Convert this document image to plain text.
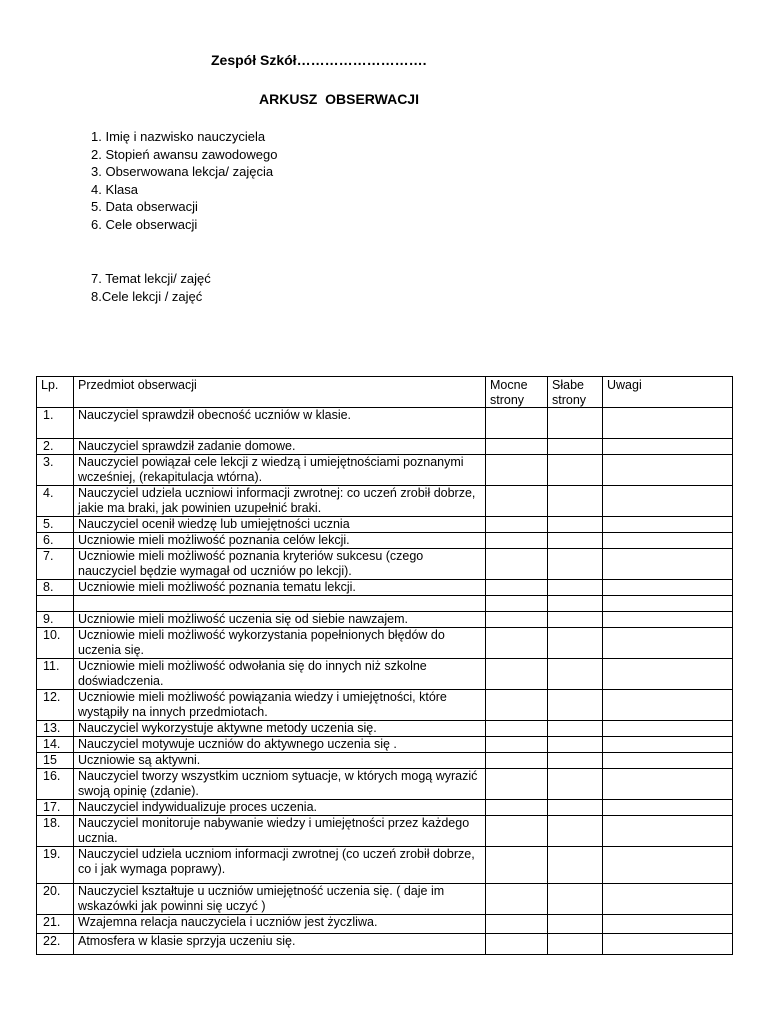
Zespół Szkół……………………….
ARKUSZ  OBSERWACJI
1. Imię i nazwisko nauczyciela
2. Stopień awansu zawodowego
3. Obserwowana lekcja/ zajęcia
4. Klasa
5. Data obserwacji
6. Cele obserwacji
7. Temat lekcji/ zajęć
8.Cele lekcji / zajęć
Lp.	Przedmiot obserwacji	Mocne strony	Słabe strony	Uwagi
1.	Nauczyciel sprawdził obecność uczniów w klasie.			
2.	Nauczyciel sprawdził zadanie domowe.			
3.	Nauczyciel powiązał cele lekcji z wiedzą i umiejętnościami poznanymi wcześniej, (rekapitulacja wtórna).			
4.	Nauczyciel udziela uczniowi informacji zwrotnej: co uczeń zrobił dobrze, jakie ma braki, jak powinien uzupełnić braki.			
5.	Nauczyciel ocenił wiedzę lub umiejętności ucznia			
6.	Uczniowie mieli możliwość poznania celów lekcji.			
7.	Uczniowie mieli możliwość poznania kryteriów sukcesu (czego nauczyciel będzie wymagał od uczniów po lekcji).			
8.	Uczniowie mieli możliwość poznania tematu lekcji.			

9.	Uczniowie mieli możliwość uczenia się od siebie nawzajem.			
10.	Uczniowie mieli możliwość wykorzystania popełnionych błędów do uczenia się.			
11.	Uczniowie mieli możliwość odwołania się do innych niż szkolne doświadczenia.			
12.	Uczniowie mieli możliwość powiązania wiedzy i umiejętności, które wystąpiły na innych przedmiotach.			
13.	Nauczyciel wykorzystuje aktywne metody uczenia się.			
14.	Nauczyciel motywuje uczniów do aktywnego uczenia się .			
15	Uczniowie są aktywni.			
16.	Nauczyciel tworzy wszystkim uczniom sytuacje, w których mogą wyrazić swoją opinię (zdanie).			
17.	Nauczyciel indywidualizuje proces uczenia.			
18.	Nauczyciel monitoruje nabywanie wiedzy i umiejętności przez każdego ucznia.			
19.	Nauczyciel udziela uczniom informacji zwrotnej (co uczeń zrobił dobrze, co i jak wymaga poprawy).			
20.	Nauczyciel kształtuje u uczniów umiejętność uczenia się. ( daje im wskazówki jak powinni się uczyć )			
21.	Wzajemna relacja nauczyciela i uczniów jest życzliwa.			
22.	Atmosfera w klasie sprzyja uczeniu się.			
